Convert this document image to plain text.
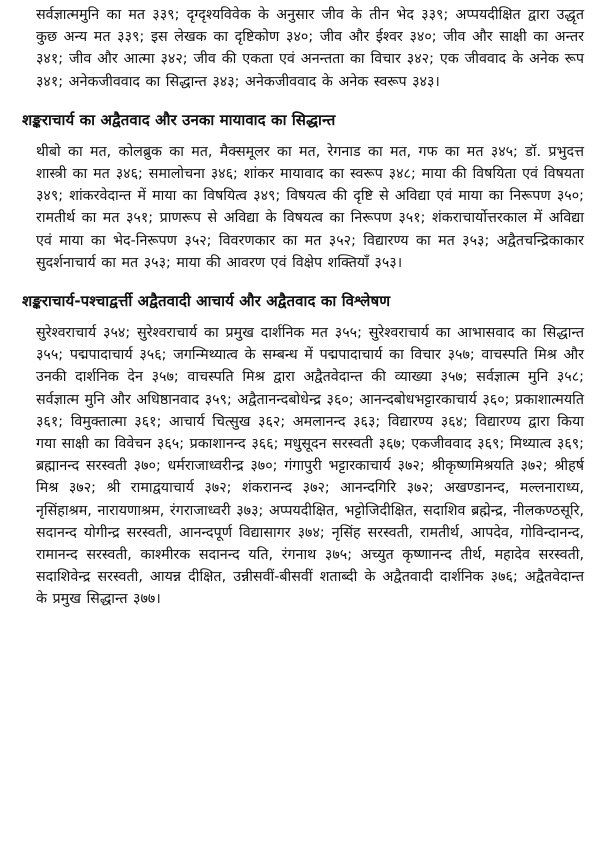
सर्वज्ञात्ममुनि का मत ३३९; दृग्दृश्यविवेक के अनुसार जीव के तीन भेद ३३९; अप्पयदीक्षित द्वारा उद्धृत कुछ अन्य मत ३३९; इस लेखक का दृष्टिकोण ३४०; जीव और ईश्वर ३४०; जीव और साक्षी का अन्तर ३४१; जीव और आत्मा ३४२; जीव की एकता एवं अनन्तता का विचार ३४२; एक जीववाद के अनेक रूप ३४१; अनेकजीववाद का सिद्धान्त ३४३; अनेकजीववाद के अनेक स्वरूप ३४३।

शङ्कराचार्य का अद्वैतवाद और उनका मायावाद का सिद्धान्त

थीबो का मत, कोलब्रुक का मत, मैक्समूलर का मत, रेगनाड का मत, गफ का मत ३४५; डॉ. प्रभुदत्त शास्त्री का मत ३४६; समालोचना ३४६; शांकर मायावाद का स्वरूप ३४८; माया की विषयिता एवं विषयता ३४९; शांकरवेदान्त में माया का विषयित्व ३४९; विषयत्व की दृष्टि से अविद्या एवं माया का निरूपण ३५०; रामतीर्थ का मत ३५१; प्राणरूप से अविद्या के विषयत्व का निरूपण ३५१; शंकराचार्योत्तरकाल में अविद्या एवं माया का भेद-निरूपण ३५२; विवरणकार का मत ३५२; विद्यारण्य का मत ३५३; अद्वैतचन्द्रिकाकार सुदर्शनाचार्य का मत ३५३; माया की आवरण एवं विक्षेप शक्तियाँ ३५३।

शङ्कराचार्य-पश्चाद्वर्त्ती अद्वैतवादी आचार्य और अद्वैतवाद का विश्लेषण

सुरेश्वराचार्य ३५४; सुरेश्वराचार्य का प्रमुख दार्शनिक मत ३५५; सुरेश्वराचार्य का आभासवाद का सिद्धान्त ३५५; पद्मपादाचार्य ३५६; जगन्मिथ्यात्व के सम्बन्ध में पद्मपादाचार्य का विचार ३५७; वाचस्पति मिश्र और उनकी दार्शनिक देन ३५७; वाचस्पति मिश्र द्वारा अद्वैतवेदान्त की व्याख्या ३५७; सर्वज्ञात्म मुनि ३५८; सर्वज्ञात्म मुनि और अधिष्ठानवाद ३५९; अद्वैतानन्दबोधेन्द्र ३६०; आनन्दबोधभट्टारकाचार्य ३६०; प्रकाशात्मयति ३६१; विमुक्तात्मा ३६१; आचार्य चित्सुख ३६२; अमलानन्द ३६३; विद्यारण्य ३६४; विद्यारण्य द्वारा किया गया साक्षी का विवेचन ३६५; प्रकाशानन्द ३६६; मधुसूदन सरस्वती ३६७; एकजीववाद ३६९; मिथ्यात्व ३६९; ब्रह्मानन्द सरस्वती ३७०; धर्मराजाध्वरीन्द्र ३७०; गंगापुरी भट्टारकाचार्य ३७२; श्रीकृष्णमिश्रयति ३७२; श्रीहर्ष मिश्र ३७२; श्री रामाद्वयाचार्य ३७२; शंकरानन्द ३७२; आनन्दगिरि ३७२; अखण्डानन्द, मल्लनाराध्य, नृसिंहाश्रम, नारायणाश्रम, रंगराजाध्वरी ३७३; अप्पयदीक्षित, भट्टोजिदीक्षित, सदाशिव ब्रह्मेन्द्र, नीलकण्ठसूरि, सदानन्द योगीन्द्र सरस्वती, आनन्दपूर्ण विद्यासागर ३७४; नृसिंह सरस्वती, रामतीर्थ, आपदेव, गोविन्दानन्द, रामानन्द सरस्वती, काश्मीरक सदानन्द यति, रंगनाथ ३७५; अच्युत कृष्णानन्द तीर्थ, महादेव सरस्वती, सदाशिवेन्द्र सरस्वती, आयन्न दीक्षित, उन्नीसवीं-बीसवीं शताब्दी के अद्वैतवादी दार्शनिक ३७६; अद्वैतवेदान्त के प्रमुख सिद्धान्त ३७७।
